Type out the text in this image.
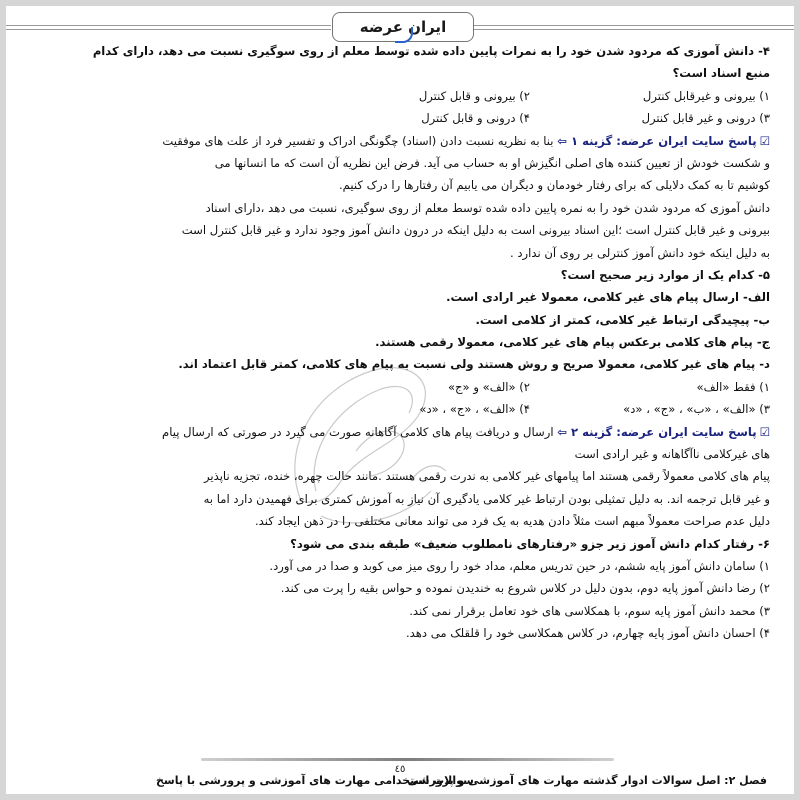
ایران عرضه
۴- دانش آموزی که مردود شدن خود را به نمرات پایین داده شده توسط معلم از روی سوگیری نسبت می دهد، دارای کدام
منبع اسناد است؟
۱) بیرونی و غیرقابل کنترل
۲) بیرونی و قابل کنترل
۳) درونی و غیر قابل کنترل
۴) درونی و قابل کنترل
☑پاسخ سایت ایران عرضه: گزینه ۱ ⇦ بنا به نظریه نسبت دادن (اسناد) چگونگی ادراک و تفسیر فرد از علت های موفقیت
و شکست خودش از تعیین کننده های اصلی انگیزش او به حساب می آید. فرض این نظریه آن است که ما انسانها می
کوشیم تا به کمک دلایلی که برای رفتار خودمان و دیگران می یابیم آن رفتارها را درک کنیم.
دانش آموزی که مردود شدن خود را به نمره پایین داده شده توسط معلم از روی سوگیری، نسبت می دهد ،دارای اسناد
بیرونی و غیر قابل کنترل است ؛این اسناد بیرونی است به دلیل اینکه در درون دانش آموز وجود ندارد و غیر قابل کنترل است
به دلیل اینکه خود دانش آموز کنترلی بر روی آن ندارد .
۵- کدام یک از موارد زیر صحیح است؟
الف- ارسال پیام های غیر کلامی، معمولا غیر ارادی است.
ب- پیچیدگی ارتباط غیر کلامی، کمتر از کلامی است.
ج- پیام های کلامی برعکس پیام های غیر کلامی، معمولا رقمی هستند.
د- پیام های غیر کلامی، معمولا صریح و روش هستند ولی نسبت به پیام های کلامی، کمتر قابل اعتماد اند.
۱) فقط «الف»
۲) «الف» و «ج»
۳) «الف» ، «ب» ، «ج» ، «د»
۴) «الف» ، «ج» ، «د»
☑پاسخ سایت ایران عرضه: گزینه ۲ ⇦ ارسال و دریافت پیام های کلامی آگاهانه صورت می گیرد در صورتی که ارسال پیام
های غیرکلامی ناآگاهانه و غیر ارادی است
پیام های کلامی معمولاً رقمی هستند اما پیامهای غیر کلامی به ندرت رقمی هستند .مانند حالت چهره، خنده، تجزیه ناپذیر
و غیر قابل ترجمه اند. به دلیل تمثیلی بودن ارتباط غیر کلامی یادگیری آن نیاز به آموزش کمتری برای فهمیدن دارد اما به
دلیل عدم صراحت معمولاً مبهم است مثلاً دادن هدیه به یک فرد می تواند معانی مختلفی را در ذهن ایجاد کند.
۶- رفتار کدام دانش آموز زیر جزو «رفتارهای نامطلوب ضعیف» طبقه بندی می شود؟
۱) سامان دانش آموز پایه ششم، در حین تدریس معلم، مداد خود را روی میز می کوبد و صدا در می آورد.
۲) رضا دانش آموز پایه دوم، بدون دلیل در کلاس شروع به خندیدن نموده و حواس بقیه را پرت می کند.
۳) محمد دانش آموز پایه سوم، با همکلاسی های خود تعامل برقرار نمی کند.
۴) احسان دانش آموز پایه چهارم، در کلاس همکلاسی خود را قلقلک می دهد.
٤٥
فصل ۲: اصل سوالات ادوار گذشته مهارت های آموزشی و پرورشی
سوالات استخدامی مهارت های آموزشی و پرورشی با پاسخ
